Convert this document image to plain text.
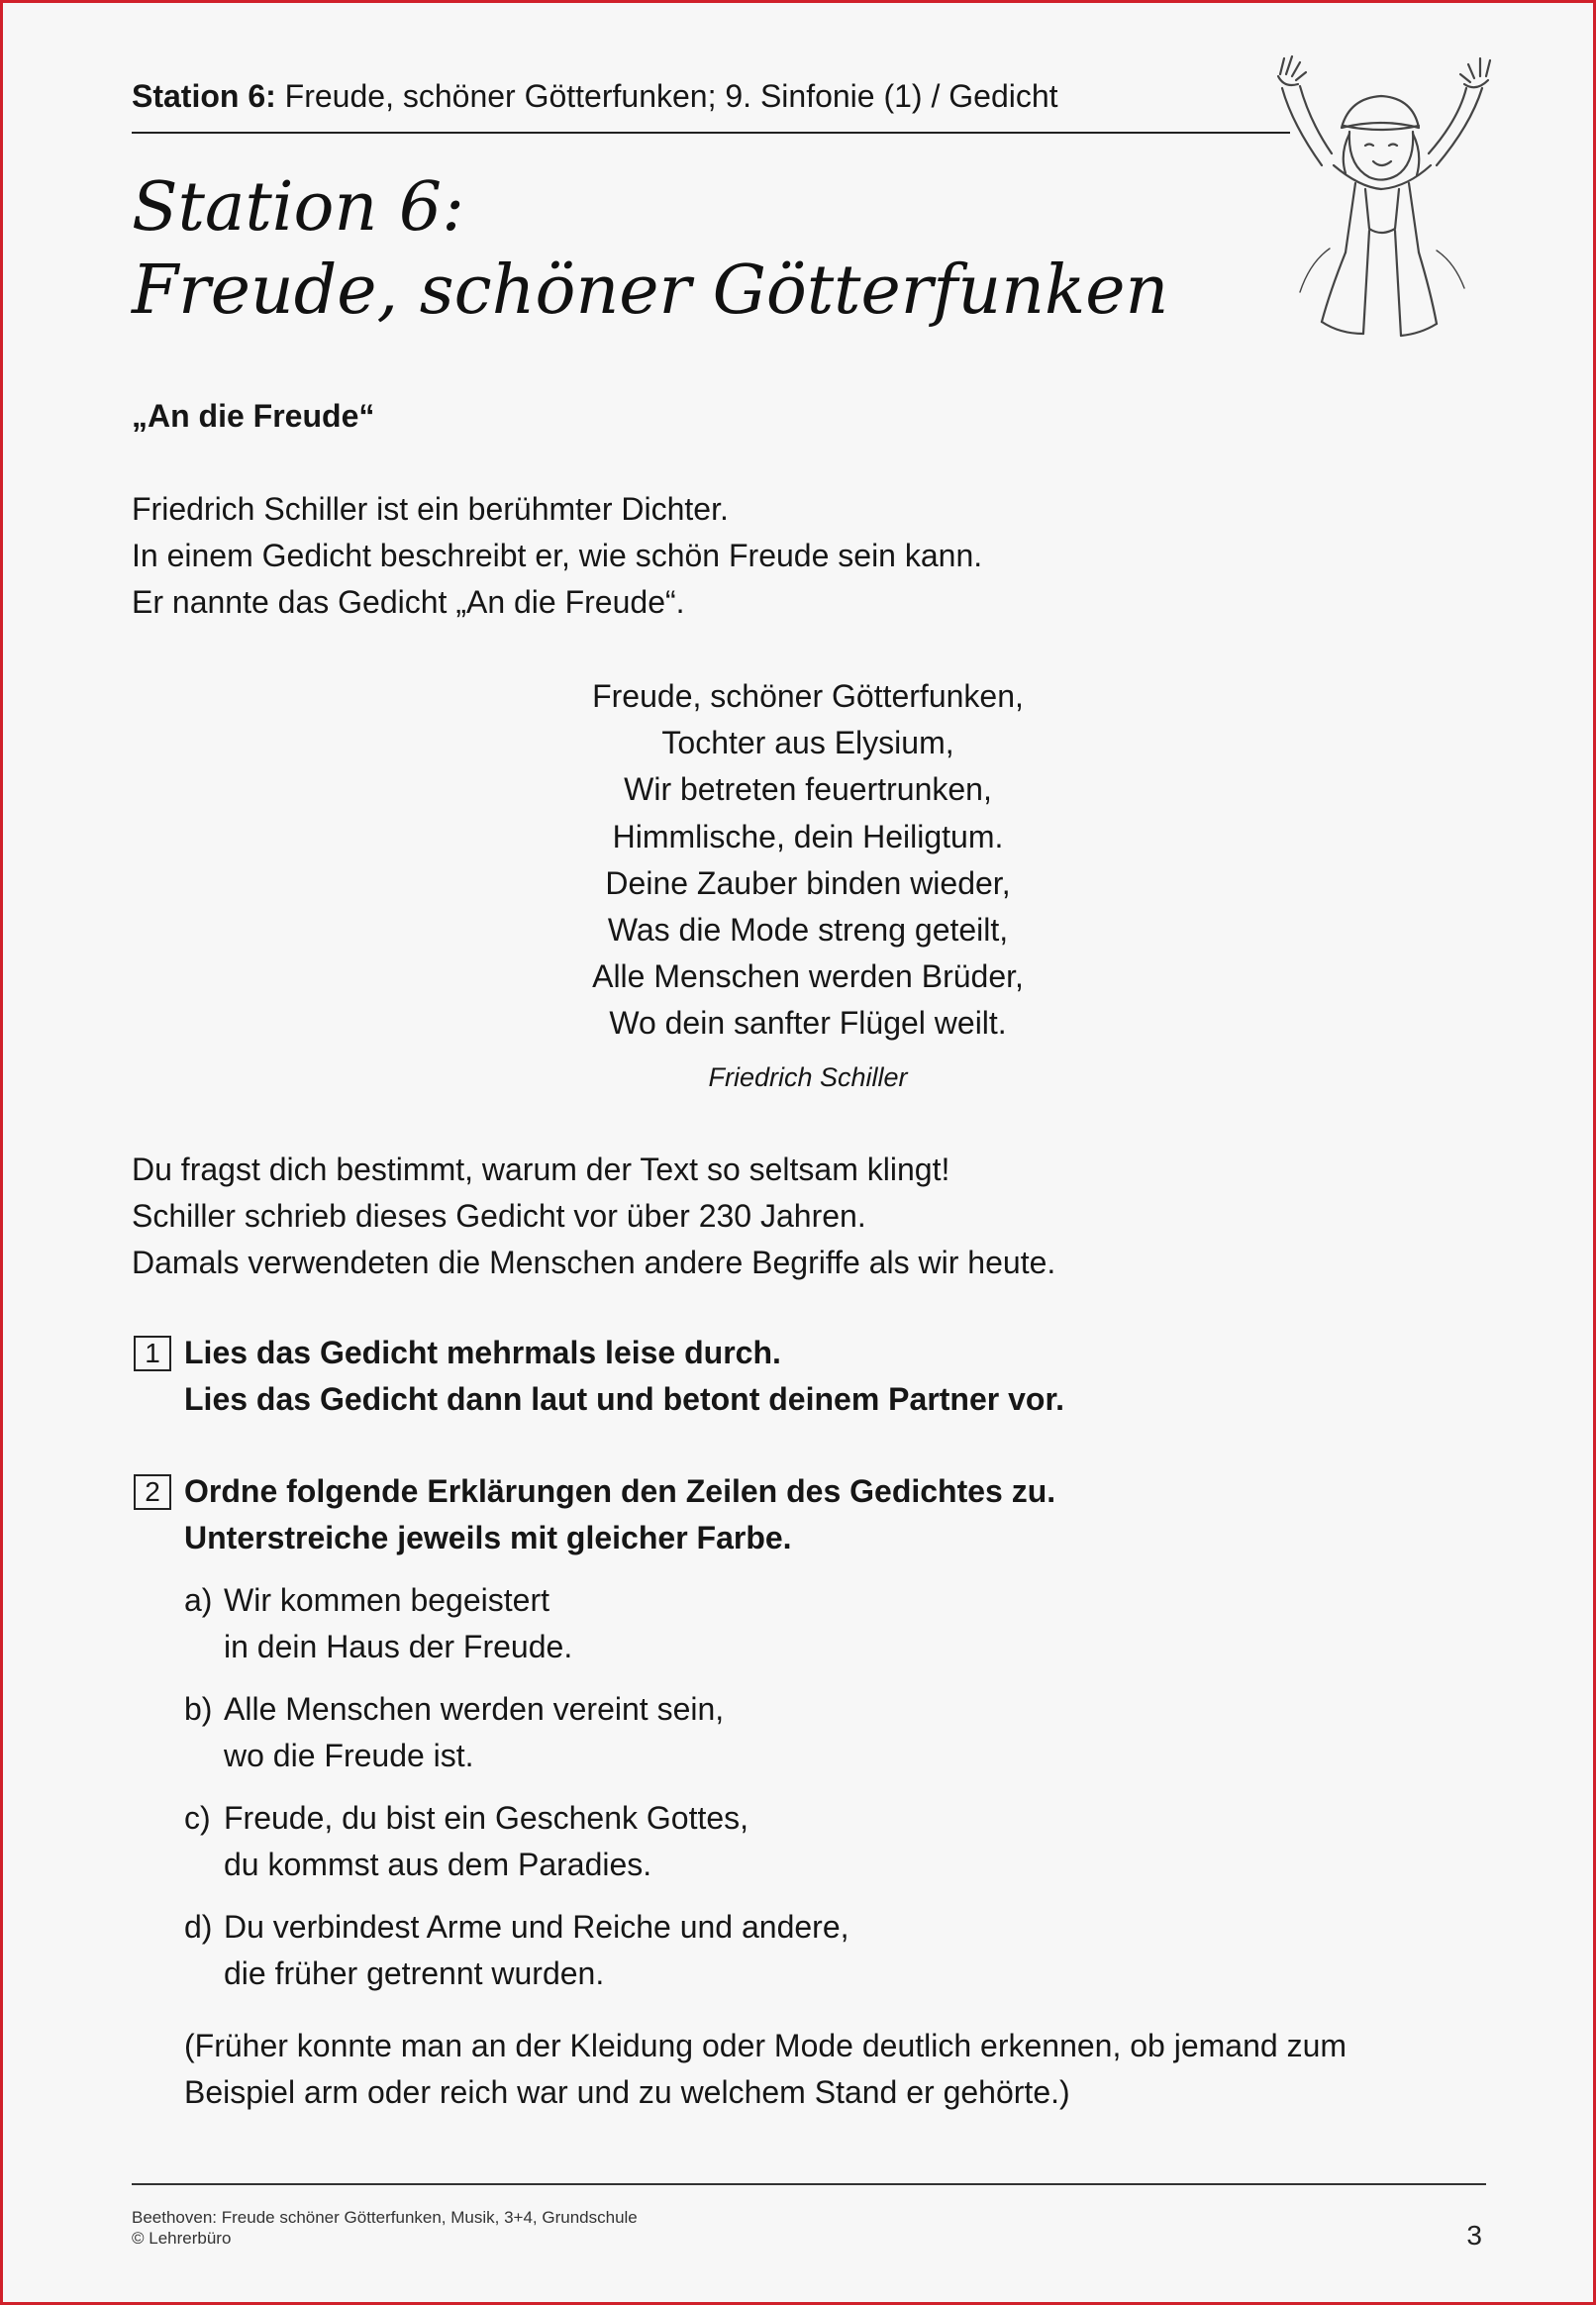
Station 6: Freude, schöner Götterfunken; 9. Sinfonie (1) / Gedicht
Station 6:
Freude, schöner Götterfunken
„An die Freude“
Friedrich Schiller ist ein berühmter Dichter.
In einem Gedicht beschreibt er, wie schön Freude sein kann.
Er nannte das Gedicht „An die Freude“.
Freude, schöner Götterfunken,
Tochter aus Elysium,
Wir betreten feuertrunken,
Himmlische, dein Heiligtum.
Deine Zauber binden wieder,
Was die Mode streng geteilt,
Alle Menschen werden Brüder,
Wo dein sanfter Flügel weilt.
Friedrich Schiller
Du fragst dich bestimmt, warum der Text so seltsam klingt!
Schiller schrieb dieses Gedicht vor über 230 Jahren.
Damals verwendeten die Menschen andere Begriffe als wir heute.
1 Lies das Gedicht mehrmals leise durch.
Lies das Gedicht dann laut und betont deinem Partner vor.
2 Ordne folgende Erklärungen den Zeilen des Gedichtes zu.
Unterstreiche jeweils mit gleicher Farbe.
a) Wir kommen begeistert
in dein Haus der Freude.
b) Alle Menschen werden vereint sein,
wo die Freude ist.
c) Freude, du bist ein Geschenk Gottes,
du kommst aus dem Paradies.
d) Du verbindest Arme und Reiche und andere,
die früher getrennt wurden.
(Früher konnte man an der Kleidung oder Mode deutlich erkennen, ob jemand zum
Beispiel arm oder reich war und zu welchem Stand er gehörte.)
Beethoven: Freude schöner Götterfunken, Musik, 3+4, Grundschule
© Lehrerbüro	3
